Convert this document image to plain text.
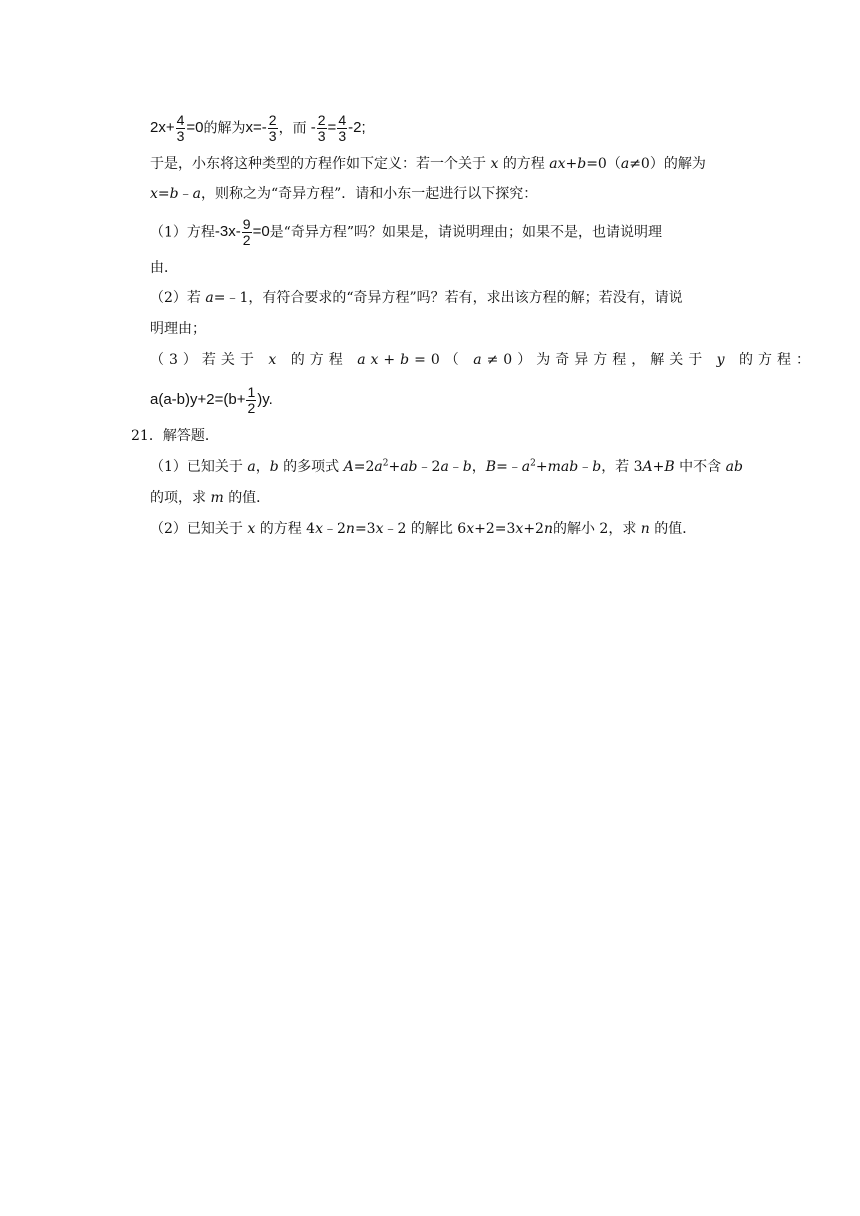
$2x+ \frac{4}{3} =0$的解为$x=- \frac{2}{3}$ ，而 - $\frac{2}{3} = \frac{4}{3} -2$;
于是，小东将这种类型的方程作如下定义：若一个关于 x 的方程 ax+b=0（a≠0）的解为
x=b﹣a，则称之为“奇异方程”．请和小东一起进行以下探究：
（1）方程$-3x- \frac{9}{2} =0$是“奇异方程”吗？如果是，请说明理由；如果不是，也请说明理
由．
（2）若 a=﹣1，有符合要求的“奇异方程”吗？若有，求出该方程的解；若没有，请说
明理由；
（3）若关于 x 的方程 ax+b=0（ a≠0）为奇异方程，解关于 y 的方程：
$a(a-b)y+2=(b+ \frac{1}{2} )y$.
21．解答题．
（1）已知关于 a，b 的多项式 $A=2a^2+ab﹣2a﹣b$，$B=﹣a^2+mab﹣b$，若 3A+B 中不含 ab
的项，求 m 的值．
（2）已知关于 x 的方程 4x﹣2n=3x﹣2 的解比 6x+2=3x+2n的解小 2，求 n 的值．
